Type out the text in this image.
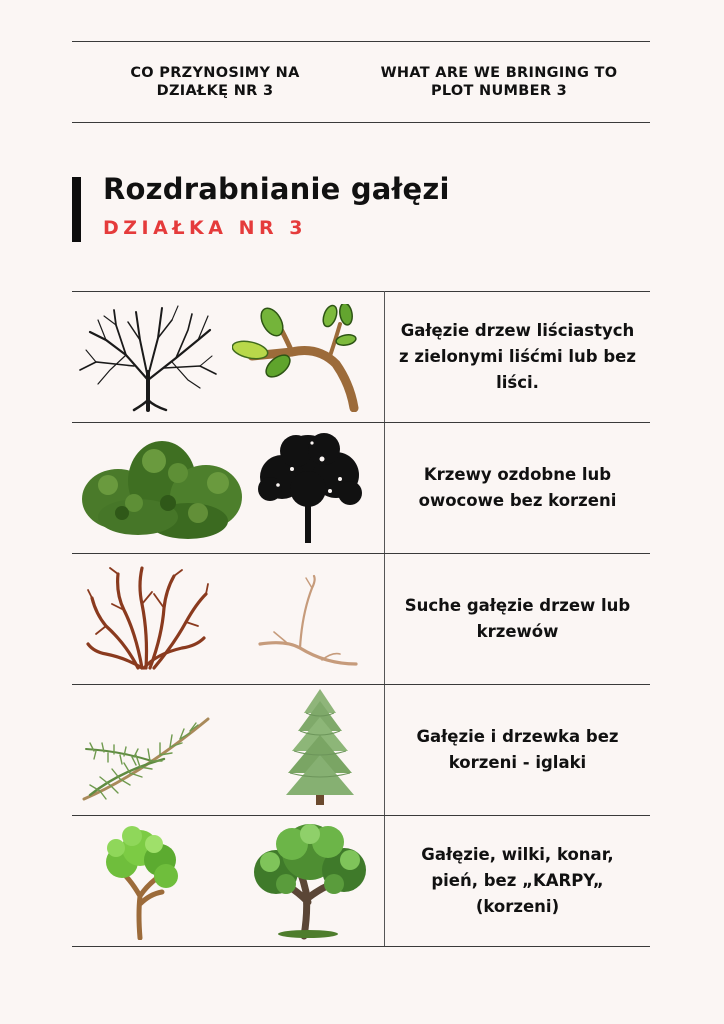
CO PRZYNOSIMY NA DZIAŁKĘ NR 3
WHAT ARE WE BRINGING TO PLOT NUMBER 3
Rozdrabnianie gałęzi
DZIAŁKA NR 3
	Gałęzie drzew liściastych z zielonymi liśćmi lub bez liści.

	Krzewy ozdobne lub owocowe bez korzeni

	Suche gałęzie drzew lub krzewów

	Gałęzie i drzewka bez korzeni - iglaki

	Gałęzie, wilki, konar, pień, bez „KARPY„ (korzeni)
